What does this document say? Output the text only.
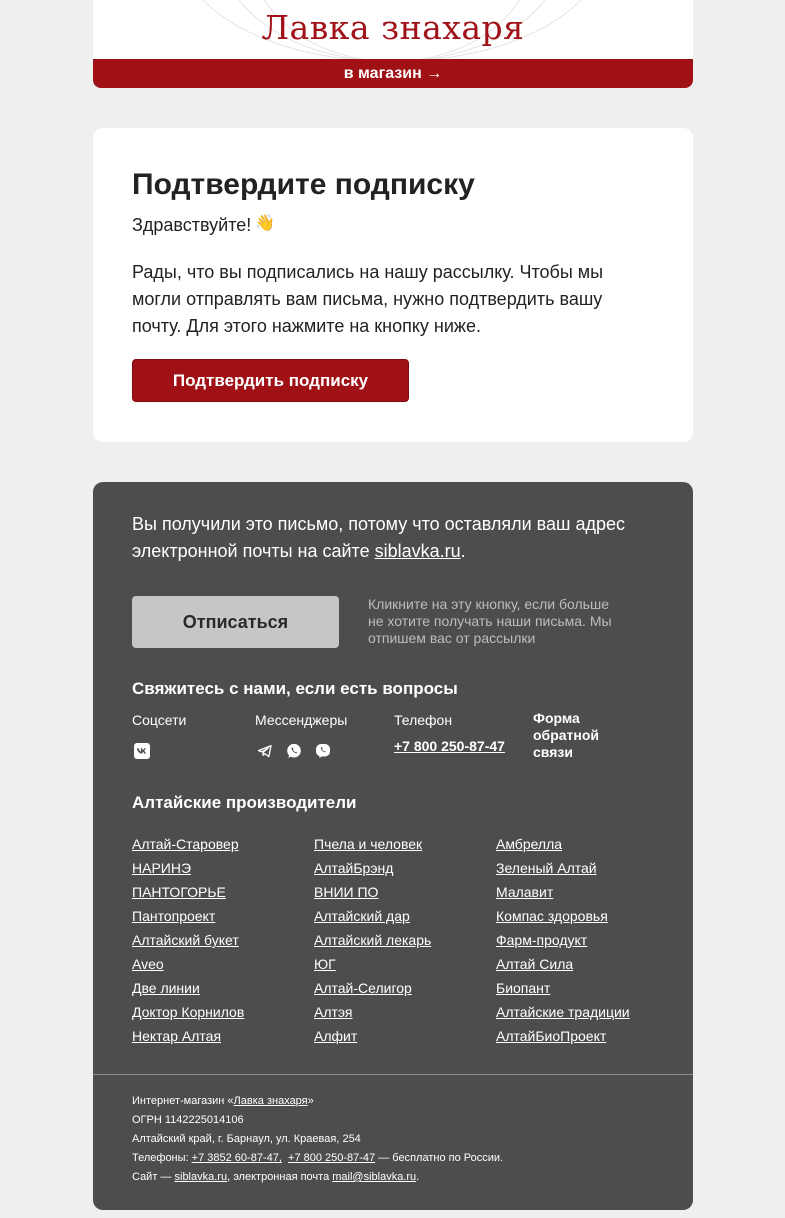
Лавка знахаря
в магазин →
Подтвердите подписку
Здравствуйте! 👋
Рады, что вы подписались на нашу рассылку. Чтобы мы могли отправлять вам письма, нужно подтвердить вашу почту. Для этого нажмите на кнопку ниже.
Подтвердить подписку
Вы получили это письмо, потому что оставляли ваш адрес электронной почты на сайте siblavka.ru.
Отписаться
Кликните на эту кнопку, если больше не хотите получать наши письма. Мы отпишем вас от рассылки
Свяжитесь с нами, если есть вопросы
Соцсети	Мессенджеры	Телефон
+7 800 250-87-47
Форма обратной связи
Алтайские производители
Алтай-Старовер
НАРИНЭ
ПАНТОГОРЬЕ
Пантопроект
Алтайский букет
Aveo
Две линии
Доктор Корнилов
Нектар Алтая
Пчела и человек
АлтайБрэнд
ВНИИ ПО
Алтайский дар
Алтайский лекарь
ЮГ
Алтай-Селигор
Алтэя
Алфит
Амбрелла
Зеленый Алтай
Малавит
Компас здоровья
Фарм-продукт
Алтай Сила
Биопант
Алтайские традиции
АлтайБиоПроект
Интернет-магазин «Лавка знахаря»
ОГРН 1142225014106
Алтайский край, г. Барнаул, ул. Краевая, 254
Телефоны: +7 3852 60-87-47, +7 800 250-87-47 — бесплатно по России.
Сайт — siblavka.ru, электронная почта mail@siblavka.ru.
